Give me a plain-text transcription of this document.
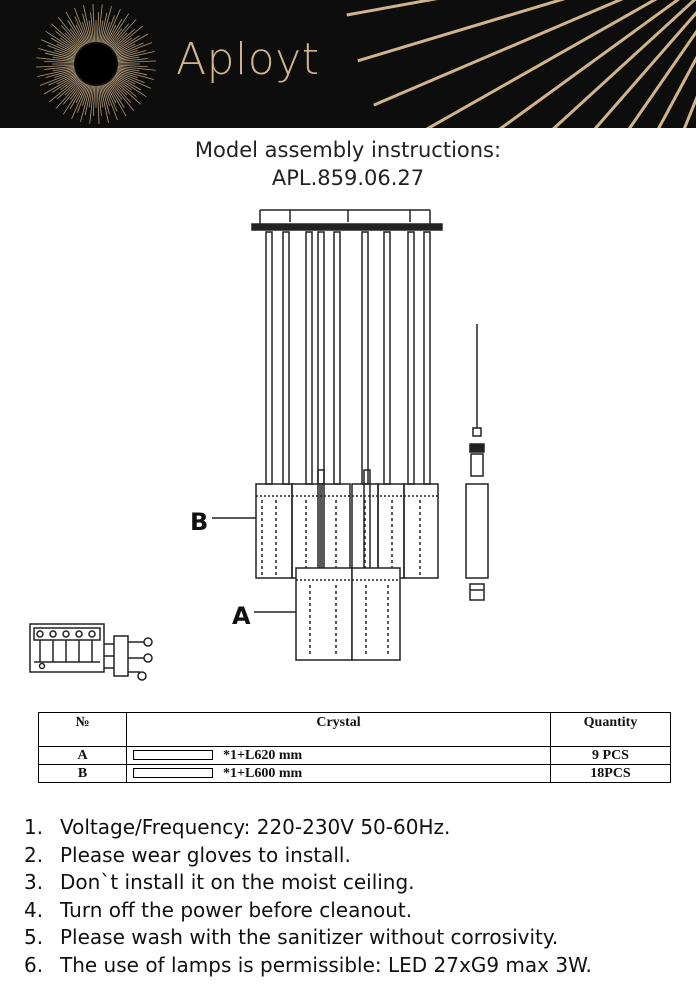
Aployt
Model assembly instructions:
APL.859.06.27
B
A
№	Crystal	Quantity
A	*1+L620 mm	9 PCS
B	*1+L600 mm	18PCS
1. Voltage/Frequency: 220-230V 50-60Hz.
2. Please wear gloves to install.
3. Don`t install it on the moist ceiling.
4. Turn off the power before cleanout.
5. Please wash with the sanitizer without corrosivity.
6. The use of lamps is permissible: LED 27xG9 max 3W.
